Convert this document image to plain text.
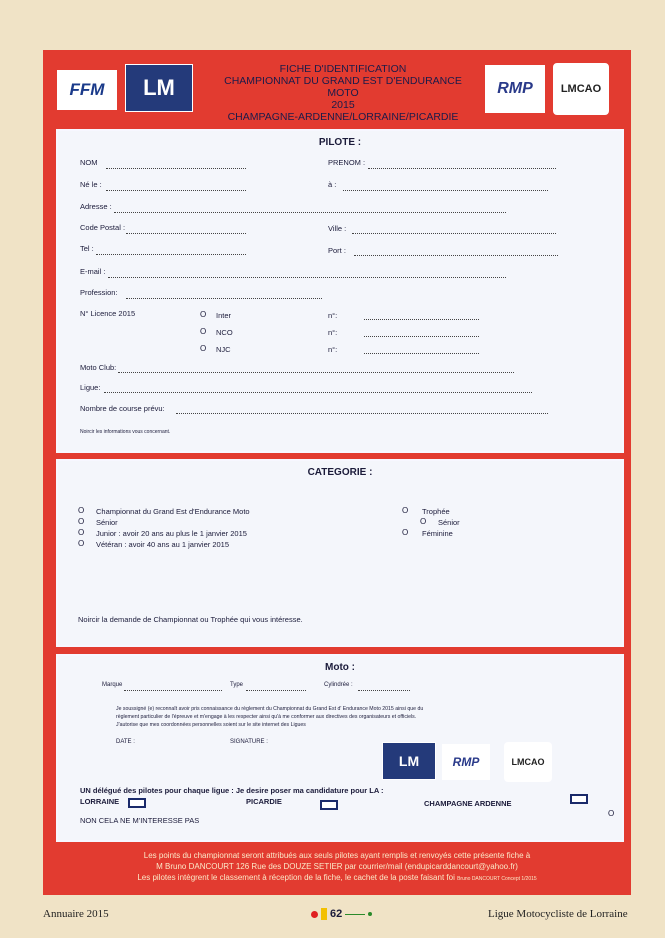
FFM	LM
FICHE D'IDENTIFICATION
CHAMPIONNAT DU GRAND EST D'ENDURANCE MOTO
2015
CHAMPAGNE-ARDENNE/LORRAINE/PICARDIE
RMP	LMCAO
PILOTE :
NOM	PRENOM :
Né le :	à :
Adresse :
Code Postal :	Ville :
Tel :	Port :
E-mail :
Profession:
N° Licence 2015	O Inter	n°:
O NCO	n°:
O NJC	n°:
Moto Club:
Ligue:
Nombre de course prévu:
Noircir les informations vous concernant.
CATEGORIE :
O Championnat du Grand Est d'Endurance Moto
O Sénior
O Junior : avoir 20 ans au plus le 1 janvier 2015
O Vétéran : avoir 40 ans au 1 janvier 2015
O Trophée
O Sénior
O Féminine
Noircir la demande de Championnat ou Trophée qui vous intéresse.
Moto :
Marque	Type	Cylindrée :
Je soussigné (e) reconnaît avoir pris connaissance du règlement du Championnat du Grand Est d' Endurance Moto 2015 ainsi que du
règlement particulier de l'épreuve et m'engage à les respecter ainsi qu'à me conformer aux directives des organisateurs et officiels.
J'autorise que mes coordonnées personnelles soient sur le site internet des Ligues
DATE :	SIGNATURE :
LM	RMP	LMCAO
UN délégué des pilotes pour chaque ligue : Je desire poser ma candidature pour LA :
LORRAINE	PICARDIE	CHAMPAGNE ARDENNE
NON CELA NE M'INTERESSE PAS
O
Les points du championnat seront attribués aux seuls pilotes ayant remplis et renvoyés cette présente fiche à
M Bruno DANCOURT 126 Rue des DOUZE SETIER par courrier/mail (endupicarddancourt@yahoo.fr)
Les pilotes intègrent le classement à réception de la fiche, le cachet de la poste faisant foi Bruno DANCOURT Concept 1/2015
Annuaire 2015	62	Ligue Motocycliste de Lorraine
